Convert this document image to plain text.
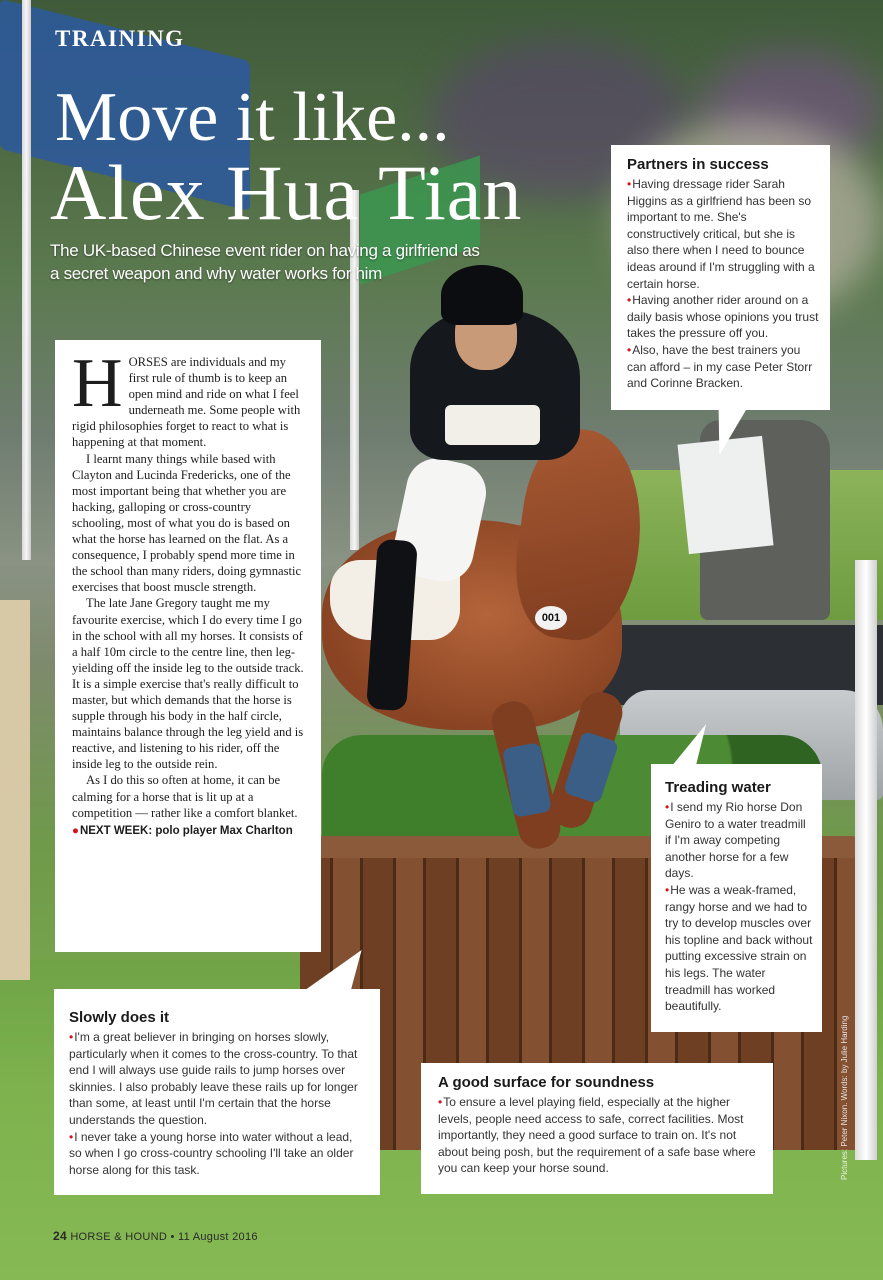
001
TRAINING
Move it like...
Alex Hua Tian
The UK-based Chinese event rider on having a girlfriend as a secret weapon and why water works for him

HORSES are individuals and my first rule of thumb is to keep an open mind and ride on what I feel underneath me. Some people with rigid philosophies forget to react to what is happening at that moment.

I learnt many things while based with Clayton and Lucinda Fredericks, one of the most important being that whether you are hacking, galloping or cross-country schooling, most of what you do is based on what the horse has learned on the flat. As a consequence, I probably spend more time in the school than many riders, doing gymnastic exercises that boost muscle strength.

The late Jane Gregory taught me my favourite exercise, which I do every time I go in the school with all my horses. It consists of a half 10m circle to the centre line, then leg-yielding off the inside leg to the outside track. It is a simple exercise that's really difficult to master, but which demands that the horse is supple through his body in the half circle, maintains balance through the leg yield and is reactive, and listening to his rider, off the inside leg to the outside rein.

As I do this so often at home, it can be calming for a horse that is lit up at a competition — rather like a comfort blanket.

●NEXT WEEK: polo player Max Charlton
Partners in success

•Having dressage rider Sarah Higgins as a girlfriend has been so important to me. She's constructively critical, but she is also there when I need to bounce ideas around if I'm struggling with a certain horse.

•Having another rider around on a daily basis whose opinions you trust takes the pressure off you.

•Also, have the best trainers you can afford – in my case Peter Storr and Corinne Bracken.

Treading water

•I send my Rio horse Don Geniro to a water treadmill if I'm away competing another horse for a few days.

•He was a weak-framed, rangy horse and we had to try to develop muscles over his topline and back without putting excessive strain on his legs. The water treadmill has worked beautifully.

Slowly does it

•I'm a great believer in bringing on horses slowly, particularly when it comes to the cross-country. To that end I will always use guide rails to jump horses over skinnies. I also probably leave these rails up for longer than some, at least until I'm certain that the horse understands the question.

•I never take a young horse into water without a lead, so when I go cross-country schooling I'll take an older horse along for this task.

A good surface for soundness

•To ensure a level playing field, especially at the higher levels, people need access to safe, correct facilities. Most importantly, they need a good surface to train on. It's not about being posh, but the requirement of a safe base where you can keep your horse sound.

24 HORSE & HOUND • 11 August 2016
Pictures: Peter Nixon. Words: by Julie Harding
